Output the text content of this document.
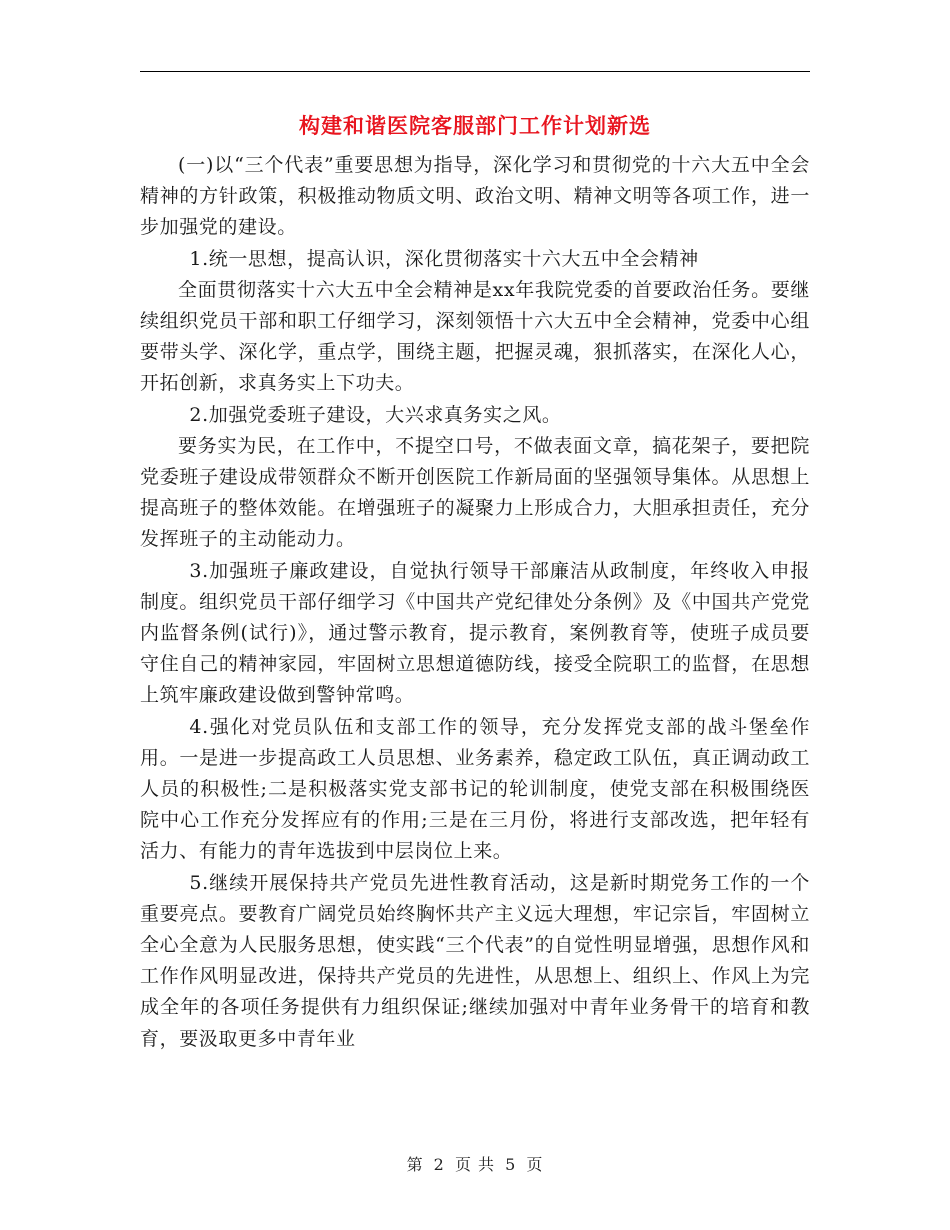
构建和谐医院客服部门工作计划新选

(一)以“三个代表”重要思想为指导，深化学习和贯彻党的十六大五中全会精神的方针政策，积极推动物质文明、政治文明、精神文明等各项工作，进一步加强党的建设。

1.统一思想，提高认识，深化贯彻落实十六大五中全会精神

全面贯彻落实十六大五中全会精神是xx年我院党委的首要政治任务。要继续组织党员干部和职工仔细学习，深刻领悟十六大五中全会精神，党委中心组要带头学、深化学，重点学，围绕主题，把握灵魂，狠抓落实，在深化人心，开拓创新，求真务实上下功夫。

2.加强党委班子建设，大兴求真务实之风。

要务实为民，在工作中，不提空口号，不做表面文章，搞花架子，要把院党委班子建设成带领群众不断开创医院工作新局面的坚强领导集体。从思想上提高班子的整体效能。在增强班子的凝聚力上形成合力，大胆承担责任，充分发挥班子的主动能动力。

3.加强班子廉政建设，自觉执行领导干部廉洁从政制度，年终收入申报制度。组织党员干部仔细学习《中国共产党纪律处分条例》及《中国共产党党内监督条例(试行)》，通过警示教育，提示教育，案例教育等，使班子成员要守住自己的精神家园，牢固树立思想道德防线，接受全院职工的监督，在思想上筑牢廉政建设做到警钟常鸣。

4.强化对党员队伍和支部工作的领导，充分发挥党支部的战斗堡垒作用。一是进一步提高政工人员思想、业务素养，稳定政工队伍，真正调动政工人员的积极性;二是积极落实党支部书记的轮训制度，使党支部在积极围绕医院中心工作充分发挥应有的作用;三是在三月份，将进行支部改选，把年轻有活力、有能力的青年选拔到中层岗位上来。

5.继续开展保持共产党员先进性教育活动，这是新时期党务工作的一个重要亮点。要教育广阔党员始终胸怀共产主义远大理想，牢记宗旨，牢固树立全心全意为人民服务思想，使实践“三个代表”的自觉性明显增强，思想作风和工作作风明显改进，保持共产党员的先进性，从思想上、组织上、作风上为完成全年的各项任务提供有力组织保证;继续加强对中青年业务骨干的培育和教育，要汲取更多中青年业

第 2 页 共 5 页
